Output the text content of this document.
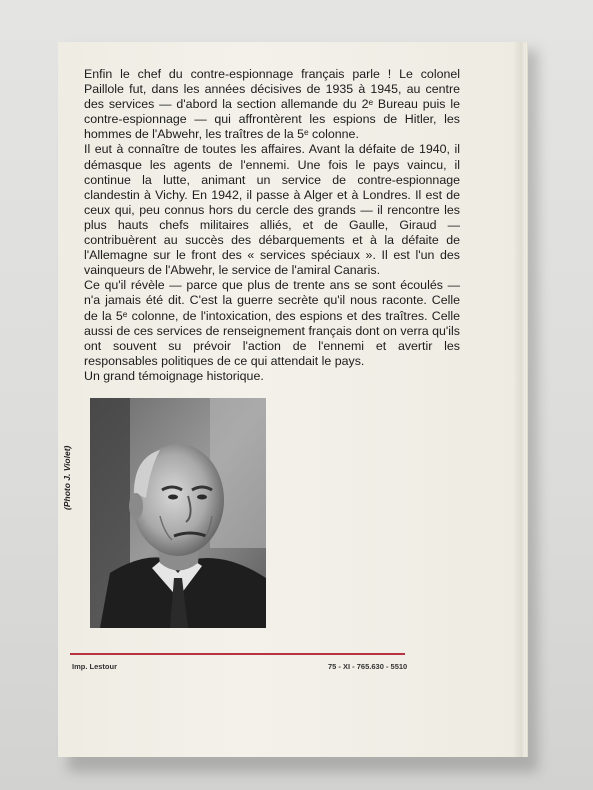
Enfin le chef du contre-espionnage français parle ! Le colonel Paillole fut, dans les années décisives de 1935 à 1945, au centre des services — d'abord la section allemande du 2ᵉ Bureau puis le contre-espionnage — qui affrontèrent les espions de Hitler, les hommes de l'Abwehr, les traîtres de la 5ᵉ colonne.

Il eut à connaître de toutes les affaires. Avant la défaite de 1940, il démasque les agents de l'ennemi. Une fois le pays vaincu, il continue la lutte, animant un service de contre-espionnage clandestin à Vichy. En 1942, il passe à Alger et à Londres. Il est de ceux qui, peu connus hors du cercle des grands — il rencontre les plus hauts chefs militaires alliés, et de Gaulle, Giraud — contribuèrent au succès des débarquements et à la défaite de l'Allemagne sur le front des « services spéciaux ». Il est l'un des vainqueurs de l'Abwehr, le service de l'amiral Canaris.

Ce qu'il révèle — parce que plus de trente ans se sont écoulés — n'a jamais été dit. C'est la guerre secrète qu'il nous raconte. Celle de la 5ᵉ colonne, de l'intoxication, des espions et des traîtres. Celle aussi de ces services de renseignement français dont on verra qu'ils ont souvent su prévoir l'action de l'ennemi et avertir les responsables politiques de ce qui attendait le pays.

Un grand témoignage historique.

(Photo J. Violet)
Imp. Lestour	75 - XI - 765.630 - 5510
